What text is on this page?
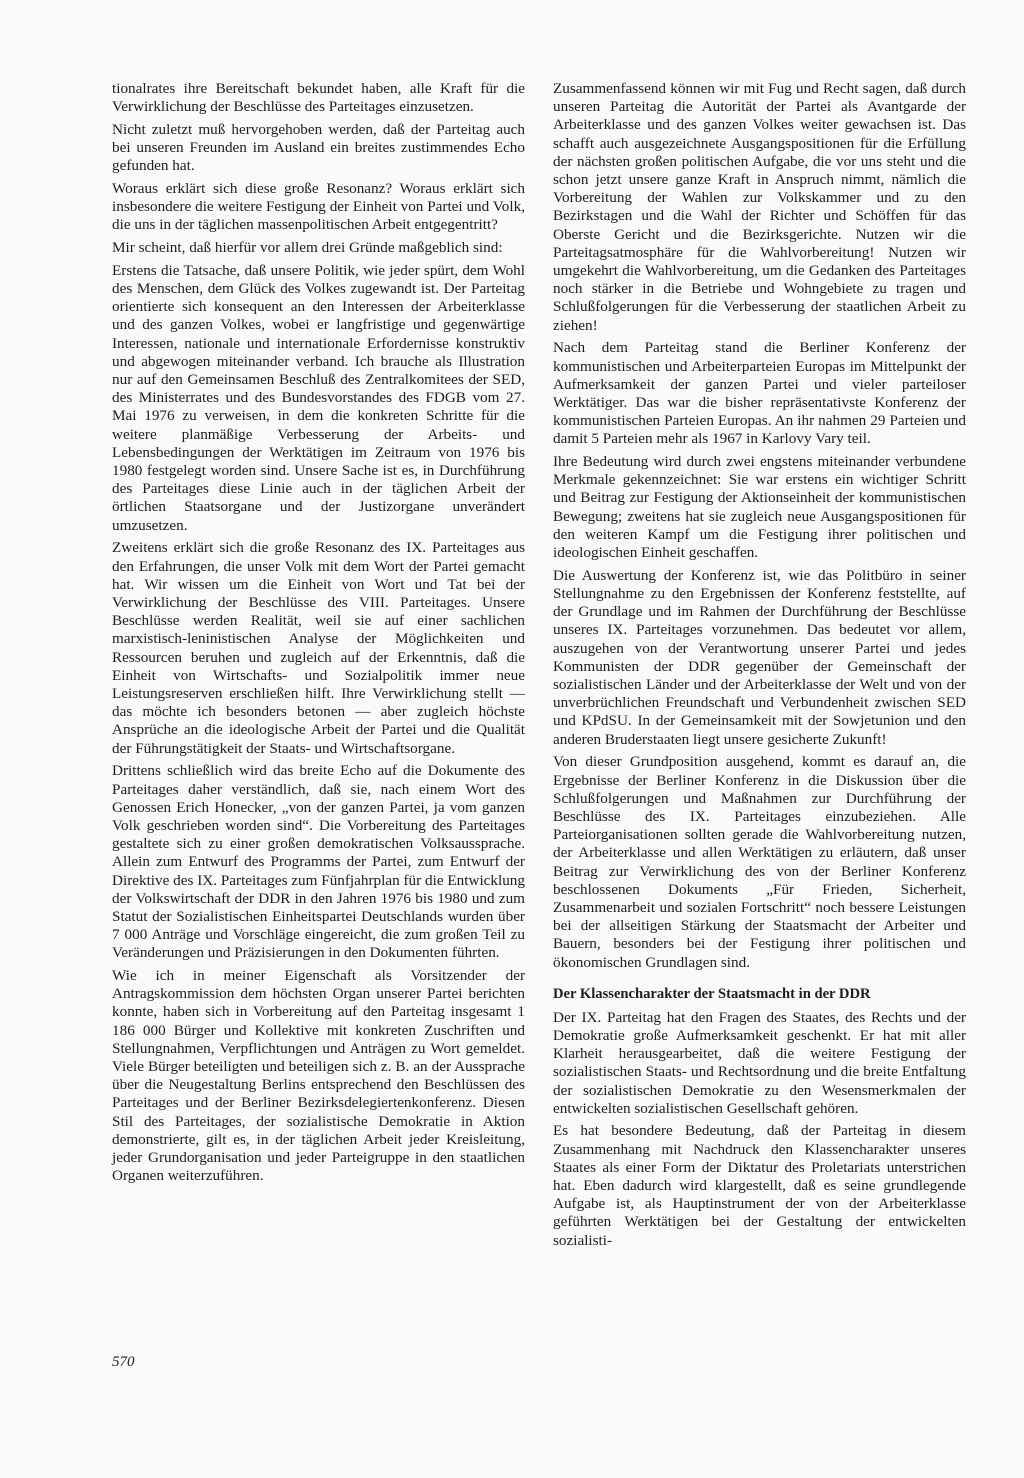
tionalrates ihre Bereitschaft bekundet haben, alle Kraft für die Verwirklichung der Beschlüsse des Parteitages einzusetzen.

Nicht zuletzt muß hervorgehoben werden, daß der Parteitag auch bei unseren Freunden im Ausland ein breites zustimmendes Echo gefunden hat.

Woraus erklärt sich diese große Resonanz? Woraus erklärt sich insbesondere die weitere Festigung der Einheit von Partei und Volk, die uns in der täglichen massenpolitischen Arbeit entgegentritt?

Mir scheint, daß hierfür vor allem drei Gründe maßgeblich sind:

Erstens die Tatsache, daß unsere Politik, wie jeder spürt, dem Wohl des Menschen, dem Glück des Volkes zugewandt ist. Der Parteitag orientierte sich konsequent an den Interessen der Arbeiterklasse und des ganzen Volkes, wobei er langfristige und gegenwärtige Interessen, nationale und internationale Erfordernisse konstruktiv und abgewogen miteinander verband. Ich brauche als Illustration nur auf den Gemeinsamen Beschluß des Zentralkomitees der SED, des Ministerrates und des Bundesvorstandes des FDGB vom 27. Mai 1976 zu verweisen, in dem die konkreten Schritte für die weitere planmäßige Verbesserung der Arbeits- und Lebensbedingungen der Werktätigen im Zeitraum von 1976 bis 1980 festgelegt worden sind. Unsere Sache ist es, in Durchführung des Parteitages diese Linie auch in der täglichen Arbeit der örtlichen Staatsorgane und der Justizorgane unverändert umzusetzen.

Zweitens erklärt sich die große Resonanz des IX. Parteitages aus den Erfahrungen, die unser Volk mit dem Wort der Partei gemacht hat. Wir wissen um die Einheit von Wort und Tat bei der Verwirklichung der Beschlüsse des VIII. Parteitages. Unsere Beschlüsse werden Realität, weil sie auf einer sachlichen marxistisch-leninistischen Analyse der Möglichkeiten und Ressourcen beruhen und zugleich auf der Erkenntnis, daß die Einheit von Wirtschafts- und Sozialpolitik immer neue Leistungsreserven erschließen hilft. Ihre Verwirklichung stellt — das möchte ich besonders betonen — aber zugleich höchste Ansprüche an die ideologische Arbeit der Partei und die Qualität der Führungstätigkeit der Staats- und Wirtschaftsorgane.

Drittens schließlich wird das breite Echo auf die Dokumente des Parteitages daher verständlich, daß sie, nach einem Wort des Genossen Erich Honecker, „von der ganzen Partei, ja vom ganzen Volk geschrieben worden sind“. Die Vorbereitung des Parteitages gestaltete sich zu einer großen demokratischen Volksaussprache. Allein zum Entwurf des Programms der Partei, zum Entwurf der Direktive des IX. Parteitages zum Fünfjahrplan für die Entwicklung der Volkswirtschaft der DDR in den Jahren 1976 bis 1980 und zum Statut der Sozialistischen Einheitspartei Deutschlands wurden über 7 000 Anträge und Vorschläge eingereicht, die zum großen Teil zu Veränderungen und Präzisierungen in den Dokumenten führten.

Wie ich in meiner Eigenschaft als Vorsitzender der Antragskommission dem höchsten Organ unserer Partei berichten konnte, haben sich in Vorbereitung auf den Parteitag insgesamt 1 186 000 Bürger und Kollektive mit konkreten Zuschriften und Stellungnahmen, Verpflichtungen und Anträgen zu Wort gemeldet. Viele Bürger beteiligten und beteiligen sich z. B. an der Aussprache über die Neugestaltung Berlins entsprechend den Beschlüssen des Parteitages und der Berliner Bezirksdelegiertenkonferenz. Diesen Stil des Parteitages, der sozialistische Demokratie in Aktion demonstrierte, gilt es, in der täglichen Arbeit jeder Kreisleitung, jeder Grundorganisation und jeder Parteigruppe in den staatlichen Organen weiterzuführen.

Zusammenfassend können wir mit Fug und Recht sagen, daß durch unseren Parteitag die Autorität der Partei als Avantgarde der Arbeiterklasse und des ganzen Volkes weiter gewachsen ist. Das schafft auch ausgezeichnete Ausgangspositionen für die Erfüllung der nächsten großen politischen Aufgabe, die vor uns steht und die schon jetzt unsere ganze Kraft in Anspruch nimmt, nämlich die Vorbereitung der Wahlen zur Volkskammer und zu den Bezirkstagen und die Wahl der Richter und Schöffen für das Oberste Gericht und die Bezirksgerichte. Nutzen wir die Parteitagsatmosphäre für die Wahlvorbereitung! Nutzen wir umgekehrt die Wahlvorbereitung, um die Gedanken des Parteitages noch stärker in die Betriebe und Wohngebiete zu tragen und Schlußfolgerungen für die Verbesserung der staatlichen Arbeit zu ziehen!

Nach dem Parteitag stand die Berliner Konferenz der kommunistischen und Arbeiterparteien Europas im Mittelpunkt der Aufmerksamkeit der ganzen Partei und vieler parteiloser Werktätiger. Das war die bisher repräsentativste Konferenz der kommunistischen Parteien Europas. An ihr nahmen 29 Parteien und damit 5 Parteien mehr als 1967 in Karlovy Vary teil.

Ihre Bedeutung wird durch zwei engstens miteinander verbundene Merkmale gekennzeichnet: Sie war erstens ein wichtiger Schritt und Beitrag zur Festigung der Aktionseinheit der kommunistischen Bewegung; zweitens hat sie zugleich neue Ausgangspositionen für den weiteren Kampf um die Festigung ihrer politischen und ideologischen Einheit geschaffen.

Die Auswertung der Konferenz ist, wie das Politbüro in seiner Stellungnahme zu den Ergebnissen der Konferenz feststellte, auf der Grundlage und im Rahmen der Durchführung der Beschlüsse unseres IX. Parteitages vorzunehmen. Das bedeutet vor allem, auszugehen von der Verantwortung unserer Partei und jedes Kommunisten der DDR gegenüber der Gemeinschaft der sozialistischen Länder und der Arbeiterklasse der Welt und von der unverbrüchlichen Freundschaft und Verbundenheit zwischen SED und KPdSU. In der Gemeinsamkeit mit der Sowjetunion und den anderen Bruderstaaten liegt unsere gesicherte Zukunft!

Von dieser Grundposition ausgehend, kommt es darauf an, die Ergebnisse der Berliner Konferenz in die Diskussion über die Schlußfolgerungen und Maßnahmen zur Durchführung der Beschlüsse des IX. Parteitages einzubeziehen. Alle Parteiorganisationen sollten gerade die Wahlvorbereitung nutzen, der Arbeiterklasse und allen Werktätigen zu erläutern, daß unser Beitrag zur Verwirklichung des von der Berliner Konferenz beschlossenen Dokuments „Für Frieden, Sicherheit, Zusammenarbeit und sozialen Fortschritt“ noch bessere Leistungen bei der allseitigen Stärkung der Staatsmacht der Arbeiter und Bauern, besonders bei der Festigung ihrer politischen und ökonomischen Grundlagen sind.

Der Klassencharakter der Staatsmacht in der DDR

Der IX. Parteitag hat den Fragen des Staates, des Rechts und der Demokratie große Aufmerksamkeit geschenkt. Er hat mit aller Klarheit herausgearbeitet, daß die weitere Festigung der sozialistischen Staats- und Rechtsordnung und die breite Entfaltung der sozialistischen Demokratie zu den Wesensmerkmalen der entwickelten sozialistischen Gesellschaft gehören.

Es hat besondere Bedeutung, daß der Parteitag in diesem Zusammenhang mit Nachdruck den Klassencharakter unseres Staates als einer Form der Diktatur des Proletariats unterstrichen hat. Eben dadurch wird klargestellt, daß es seine grundlegende Aufgabe ist, als Hauptinstrument der von der Arbeiterklasse geführten Werktätigen bei der Gestaltung der entwickelten sozialisti-

570
